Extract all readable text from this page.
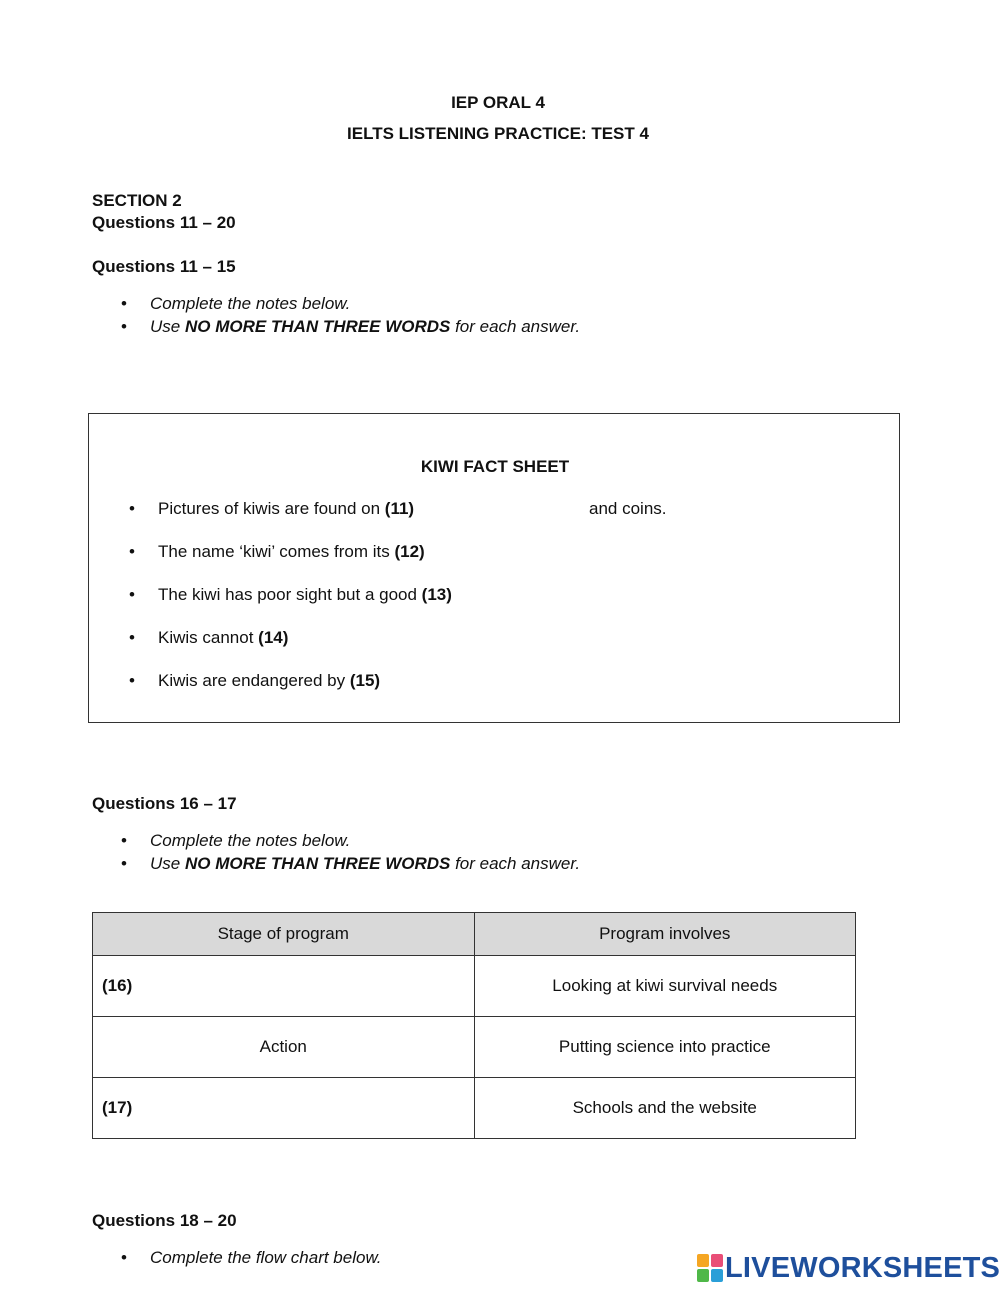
IEP ORAL 4
IELTS LISTENING PRACTICE: TEST 4
SECTION 2
Questions 11 – 20
Questions 11 – 15
• Complete the notes below.
• Use NO MORE THAN THREE WORDS for each answer.
KIWI FACT SHEET
• Pictures of kiwis are found on (11)	and coins.
• The name ‘kiwi’ comes from its (12)
• The kiwi has poor sight but a good (13)
• Kiwis cannot (14)
• Kiwis are endangered by (15)
Questions 16 – 17
• Complete the notes below.
• Use NO MORE THAN THREE WORDS for each answer.
Stage of program	Program involves
(16)	Looking at kiwi survival needs
Action	Putting science into practice
(17)	Schools and the website
Questions 18 – 20
• Complete the flow chart below.	LIVEWORKSHEETS
